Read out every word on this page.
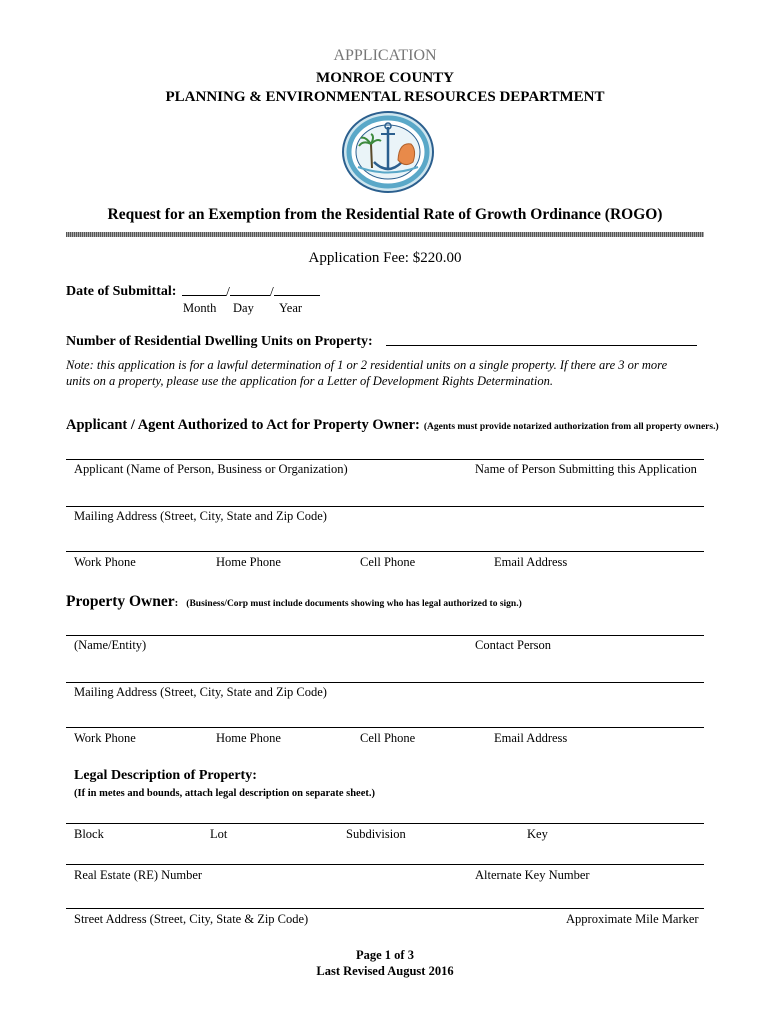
APPLICATION
MONROE COUNTY
PLANNING & ENVIRONMENTAL RESOURCES DEPARTMENT
Request for an Exemption from the Residential Rate of Growth Ordinance (ROGO)
Application Fee: $220.00
Date of Submittal:	/	/
Month Day Year
Number of Residential Dwelling Units on Property:
Note: this application is for a lawful determination of 1 or 2 residential units on a single property. If there are 3 or more
units on a property, please use the application for a Letter of Development Rights Determination.
Applicant / Agent Authorized to Act for Property Owner: (Agents must provide notarized authorization from all property owners.)
Applicant (Name of Person, Business or Organization)	Name of Person Submitting this Application
Mailing Address (Street, City, State and Zip Code)
Work Phone	Home Phone	Cell Phone	Email Address
Property Owner: (Business/Corp must include documents showing who has legal authorized to sign.)
(Name/Entity)	Contact Person
Mailing Address (Street, City, State and Zip Code)
Work Phone	Home Phone	Cell Phone	Email Address
Legal Description of Property:
(If in metes and bounds, attach legal description on separate sheet.)
Block	Lot	Subdivision	Key
Real Estate (RE) Number	Alternate Key Number
Street Address (Street, City, State & Zip Code)	Approximate Mile Marker
Page 1 of 3
Last Revised August 2016
